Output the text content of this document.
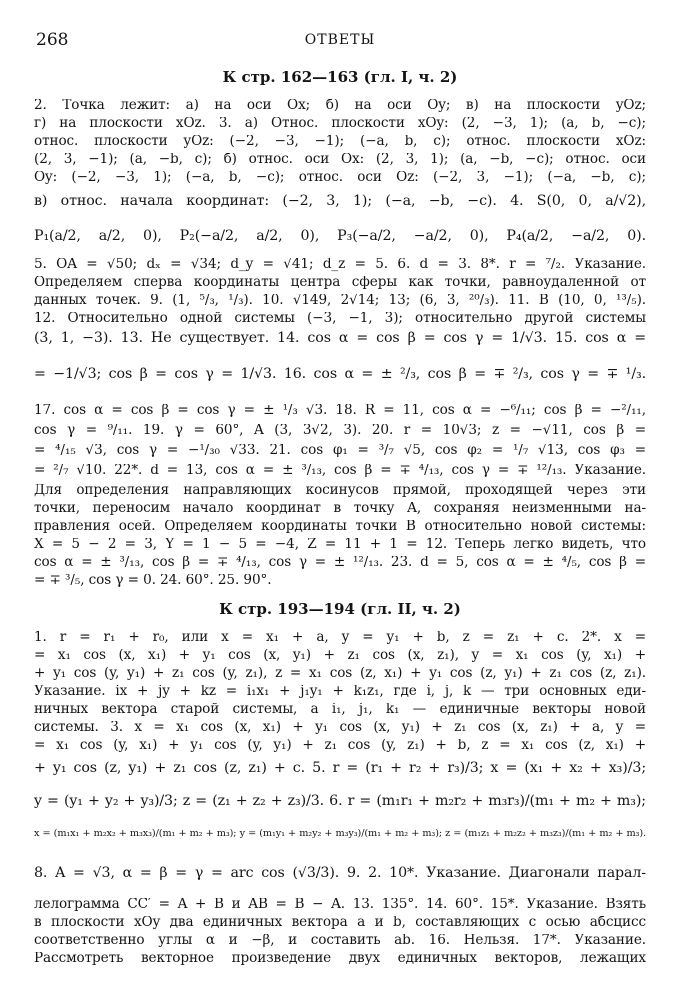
268	ОТВЕТЫ
К стр. 162—163 (гл. I, ч. 2)
2. Точка лежит: а) на оси Ox; б) на оси Oy; в) на плоскости yOz;
г) на плоскости xOz. 3. а) Относ. плоскости xOy: (2, −3, 1); (a, b, −c);
относ. плоскости yOz: (−2, −3, −1); (−a, b, c); относ. плоскости xOz:
(2, 3, −1); (a, −b, c); б) относ. оси Ox: (2, 3, 1); (a, −b, −c); относ. оси
Oy: (−2, −3, 1); (−a, b, −c); относ. оси Oz: (−2, 3, −1); (−a, −b, c);
в) относ. начала координат: (−2, 3, 1); (−a, −b, −c). 4. S(0, 0, a/√2),
P₁(a/2, a/2, 0), P₂(−a/2, a/2, 0), P₃(−a/2, −a/2, 0), P₄(a/2, −a/2, 0).
5. OA = √50; dₓ = √34; d_y = √41; d_z = 5. 6. d = 3. 8*. r = ⁷/₂. Указание.
Определяем сперва координаты центра сферы как точки, равноудаленной от
данных точек. 9. (1, ⁵/₃, ¹/₃). 10. √149, 2√14; 13; (6, 3, ²⁰/₃). 11. B (10, 0, ¹³/₅).
12. Относительно одной системы (−3, −1, 3); относительно другой системы
(3, 1, −3). 13. Не существует. 14. cos α = cos β = cos γ = 1/√3. 15. cos α =
= −1/√3; cos β = cos γ = 1/√3. 16. cos α = ± ²/₃, cos β = ∓ ²/₃, cos γ = ∓ ¹/₃.
17. cos α = cos β = cos γ = ± ¹/₃ √3. 18. R = 11, cos α = −⁶/₁₁; cos β = −²/₁₁,
cos γ = ⁹/₁₁. 19. γ = 60°, A (3, 3√2, 3). 20. r = 10√3; z = −√11, cos β =
= ⁴/₁₅ √3, cos γ = −¹/₃₀ √33. 21. cos φ₁ = ³/₇ √5, cos φ₂ = ¹/₇ √13, cos φ₃ =
= ²/₇ √10. 22*. d = 13, cos α = ± ³/₁₃, cos β = ∓ ⁴/₁₃, cos γ = ∓ ¹²/₁₃. Указание.
Для определения направляющих косинусов прямой, проходящей через эти
точки, переносим начало координат в точку A, сохраняя неизменными на-
правления осей. Определяем координаты точки B относительно новой системы:
X = 5 − 2 = 3, Y = 1 − 5 = −4, Z = 11 + 1 = 12. Теперь легко видеть, что
cos α = ± ³/₁₃, cos β = ∓ ⁴/₁₃, cos γ = ± ¹²/₁₃. 23. d = 5, cos α = ± ⁴/₅, cos β =
= ∓ ³/₅, cos γ = 0. 24. 60°. 25. 90°.
К стр. 193—194 (гл. II, ч. 2)
1. r = r₁ + r₀, или x = x₁ + a, y = y₁ + b, z = z₁ + c. 2*. x =
= x₁ cos (x, x₁) + y₁ cos (x, y₁) + z₁ cos (x, z₁), y = x₁ cos (y, x₁) +
+ y₁ cos (y, y₁) + z₁ cos (y, z₁), z = x₁ cos (z, x₁) + y₁ cos (z, y₁) + z₁ cos (z, z₁).
Указание. ix + jy + kz = i₁x₁ + j₁y₁ + k₁z₁, где i, j, k — три основных еди-
ничных вектора старой системы, а i₁, j₁, k₁ — единичные векторы новой
системы. 3. x = x₁ cos (x, x₁) + y₁ cos (x, y₁) + z₁ cos (x, z₁) + a, y =
= x₁ cos (y, x₁) + y₁ cos (y, y₁) + z₁ cos (y, z₁) + b, z = x₁ cos (z, x₁) +
+ y₁ cos (z, y₁) + z₁ cos (z, z₁) + c. 5. r = (r₁ + r₂ + r₃)/3; x = (x₁ + x₂ + x₃)/3;
y = (y₁ + y₂ + y₃)/3; z = (z₁ + z₂ + z₃)/3. 6. r = (m₁r₁ + m₂r₂ + m₃r₃)/(m₁ + m₂ + m₃);
x = (m₁x₁ + m₂x₂ + m₃x₃)/(m₁ + m₂ + m₃); y = (m₁y₁ + m₂y₂ + m₃y₃)/(m₁ + m₂ + m₃); z = (m₁z₁ + m₂z₂ + m₃z₃)/(m₁ + m₂ + m₃).
8. A = √3, α = β = γ = arc cos (√3/3). 9. 2. 10*. Указание. Диагонали парал-
лелограмма CC′ = A + B и AB = B − A. 13. 135°. 14. 60°. 15*. Указание. Взять
в плоскости xOy два единичных вектора a и b, составляющих с осью абсцисс
соответственно углы α и −β, и составить ab. 16. Нельзя. 17*. Указание.
Рассмотреть векторное произведение двух единичных векторов, лежащих
